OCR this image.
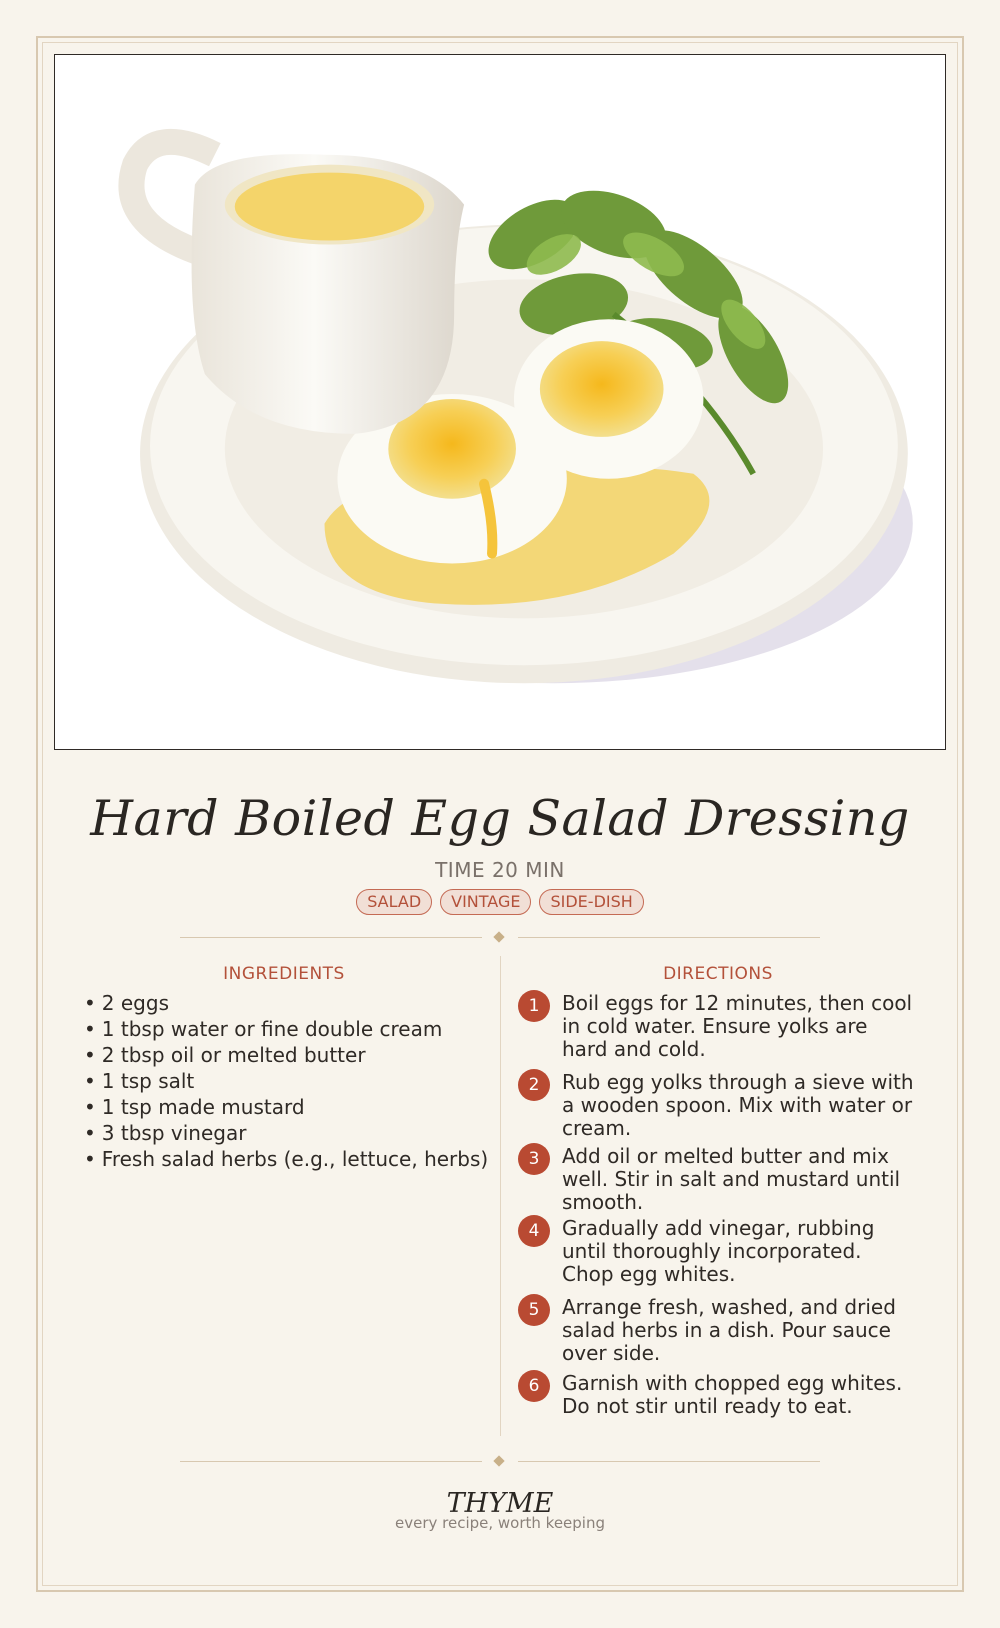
Hard Boiled Egg Salad Dressing
TIME 20 MIN
SALAD	VINTAGE	SIDE-DISH
INGREDIENTS	DIRECTIONS
• 2 eggs
• 1 tbsp water or fine double cream
• 2 tbsp oil or melted butter
• 1 tsp salt
• 1 tsp made mustard
• 3 tbsp vinegar
• Fresh salad herbs (e.g., lettuce, herbs)
1	Boil eggs for 12 minutes, then cool in cold water. Ensure yolks are hard and cold.
2	Rub egg yolks through a sieve with a wooden spoon. Mix with water or cream.
3	Add oil or melted butter and mix well. Stir in salt and mustard until smooth.
4	Gradually add vinegar, rubbing until thoroughly incorporated. Chop egg whites.
5	Arrange fresh, washed, and dried salad herbs in a dish. Pour sauce over side.
6	Garnish with chopped egg whites. Do not stir until ready to eat.
THYME
every recipe, worth keeping
